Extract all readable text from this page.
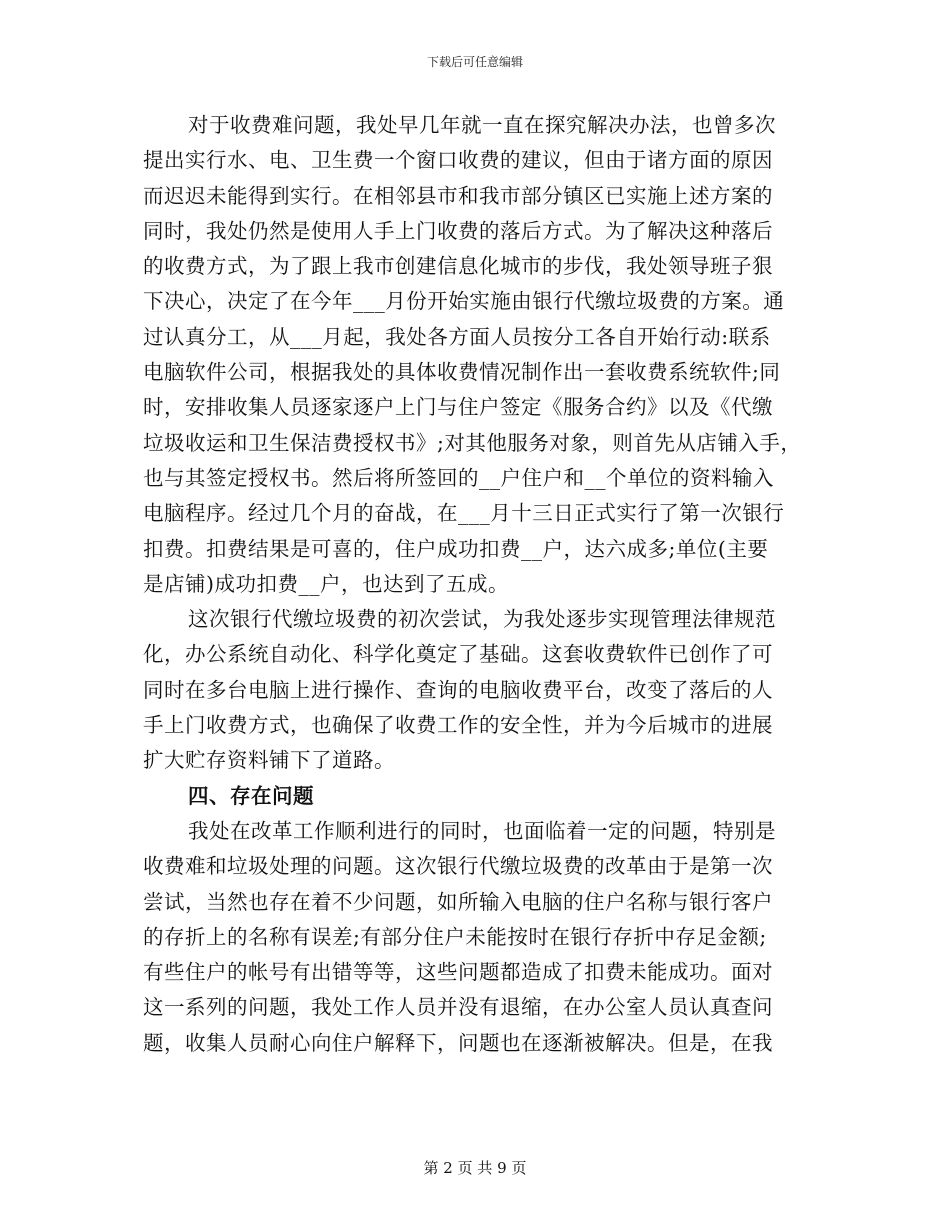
下载后可任意编辑
对于收费难问题，我处早几年就一直在探究解决办法，也曾多次
提出实行水、电、卫生费一个窗口收费的建议，但由于诸方面的原因
而迟迟未能得到实行。在相邻县市和我市部分镇区已实施上述方案的
同时，我处仍然是使用人手上门收费的落后方式。为了解决这种落后
的收费方式，为了跟上我市创建信息化城市的步伐，我处领导班子狠
下决心，决定了在今年___月份开始实施由银行代缴垃圾费的方案。通
过认真分工，从___月起，我处各方面人员按分工各自开始行动:联系
电脑软件公司，根据我处的具体收费情况制作出一套收费系统软件;同
时，安排收集人员逐家逐户上门与住户签定《服务合约》以及《代缴
垃圾收运和卫生保洁费授权书》;对其他服务对象，则首先从店铺入手，
也与其签定授权书。然后将所签回的__户住户和__个单位的资料输入
电脑程序。经过几个月的奋战，在___月十三日正式实行了第一次银行
扣费。扣费结果是可喜的，住户成功扣费__户，达六成多;单位(主要
是店铺)成功扣费__户，也达到了五成。
这次银行代缴垃圾费的初次尝试，为我处逐步实现管理法律规范
化，办公系统自动化、科学化奠定了基础。这套收费软件已创作了可
同时在多台电脑上进行操作、查询的电脑收费平台，改变了落后的人
手上门收费方式，也确保了收费工作的安全性，并为今后城市的进展
扩大贮存资料铺下了道路。
四、存在问题
我处在改革工作顺利进行的同时，也面临着一定的问题，特别是
收费难和垃圾处理的问题。这次银行代缴垃圾费的改革由于是第一次
尝试，当然也存在着不少问题，如所输入电脑的住户名称与银行客户
的存折上的名称有误差;有部分住户未能按时在银行存折中存足金额;
有些住户的帐号有出错等等，这些问题都造成了扣费未能成功。面对
这一系列的问题，我处工作人员并没有退缩，在办公室人员认真查问
题，收集人员耐心向住户解释下，问题也在逐渐被解决。但是，在我
第 2 页 共 9 页
